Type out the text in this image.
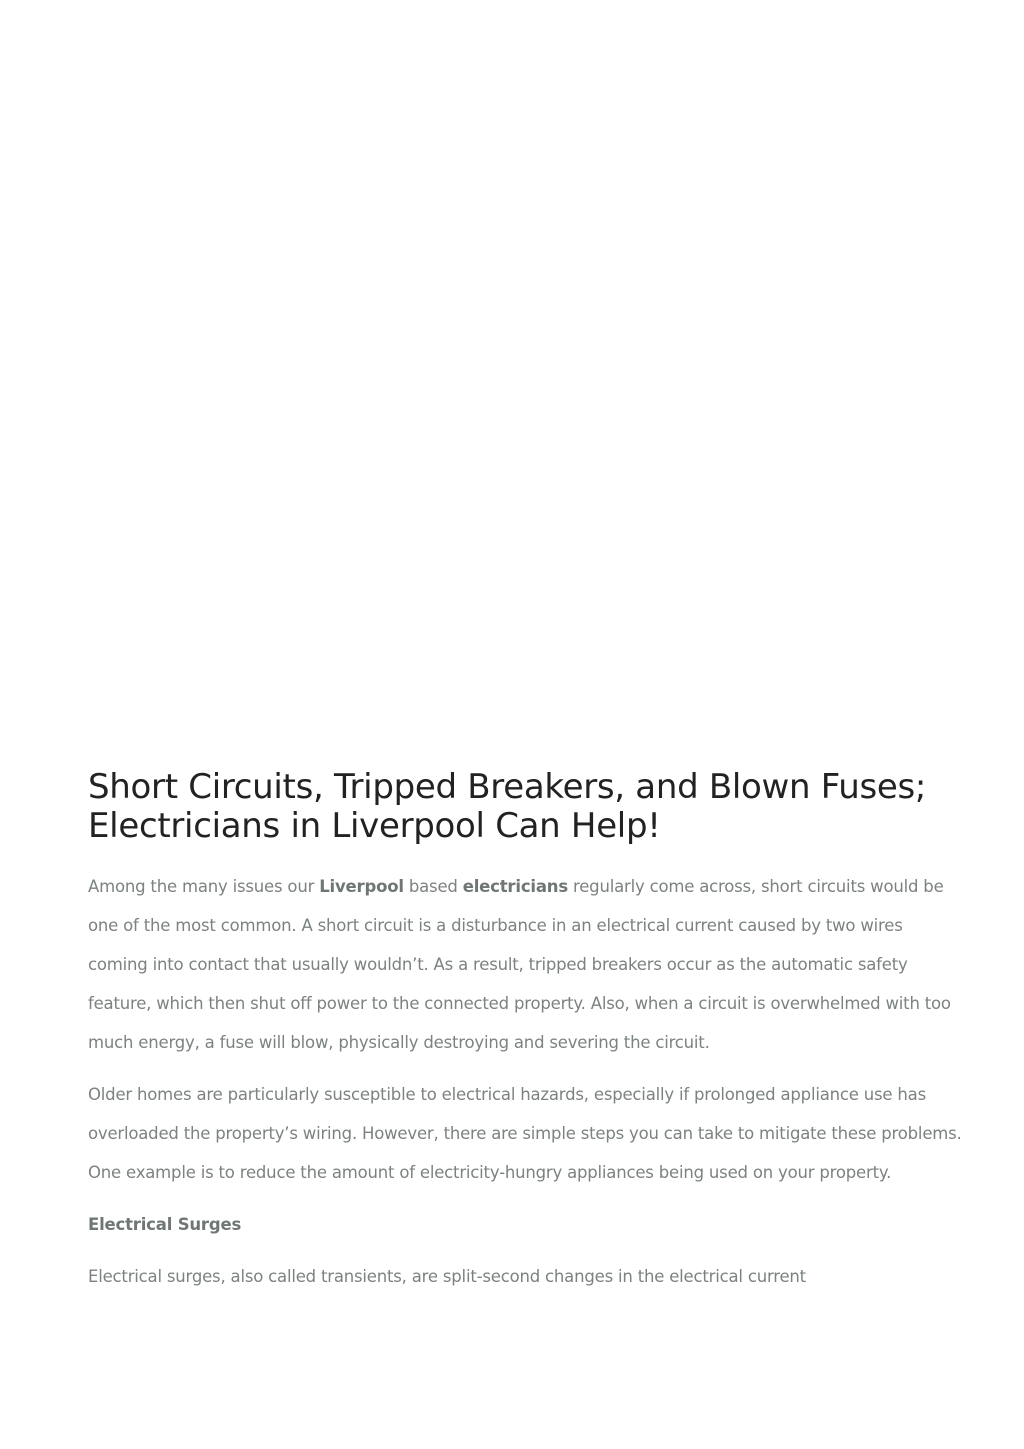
Short Circuits, Tripped Breakers, and Blown Fuses; Electricians in Liverpool Can Help!

Among the many issues our Liverpool based electricians regularly come across, short circuits would be one of the most common. A short circuit is a disturbance in an electrical current caused by two wires coming into contact that usually wouldn’t. As a result, tripped breakers occur as the automatic safety feature, which then shut off power to the connected property. Also, when a circuit is overwhelmed with too much energy, a fuse will blow, physically destroying and severing the circuit.

Older homes are particularly susceptible to electrical hazards, especially if prolonged appliance use has overloaded the property’s wiring. However, there are simple steps you can take to mitigate these problems. One example is to reduce the amount of electricity-hungry appliances being used on your property.

Electrical Surges

Electrical surges, also called transients, are split-second changes in the electrical current
